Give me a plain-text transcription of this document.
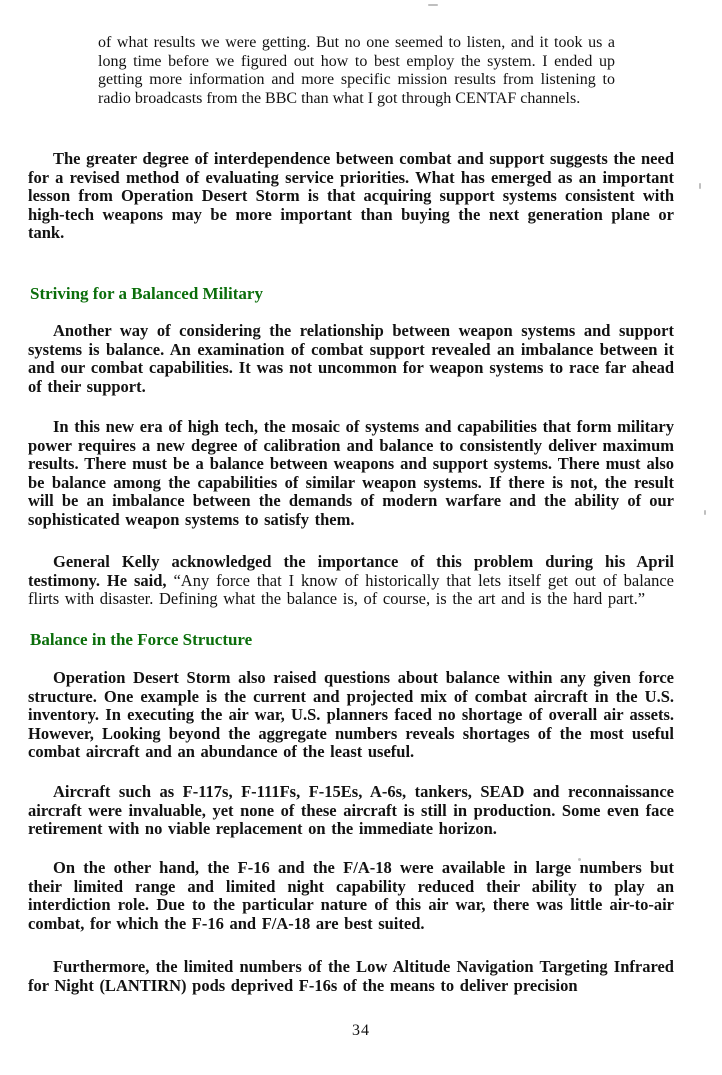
of what results we were getting. But no one seemed to listen, and it took us a long time before we figured out how to best employ the system. I ended up getting more information and more specific mission results from listening to radio broadcasts from the BBC than what I got through CENTAF channels.

The greater degree of interdependence between combat and support suggests the need for a revised method of evaluating service priorities. What has emerged as an important lesson from Operation Desert Storm is that acquiring support systems consistent with high-tech weapons may be more important than buying the next generation plane or tank.

Striving for a Balanced Military

Another way of considering the relationship between weapon systems and support systems is balance. An examination of combat support revealed an imbalance between it and our combat capabilities. It was not uncommon for weapon systems to race far ahead of their support.

In this new era of high tech, the mosaic of systems and capabilities that form military power requires a new degree of calibration and balance to consistently deliver maximum results. There must be a balance between weapons and support systems. There must also be balance among the capabilities of similar weapon systems. If there is not, the result will be an imbalance between the demands of modern warfare and the ability of our sophisticated weapon systems to satisfy them.

General Kelly acknowledged the importance of this problem during his April testimony. He said, “Any force that I know of historically that lets itself get out of balance flirts with disaster. Defining what the balance is, of course, is the art and is the hard part.”

Balance in the Force Structure

Operation Desert Storm also raised questions about balance within any given force structure. One example is the current and projected mix of combat aircraft in the U.S. inventory. In executing the air war, U.S. planners faced no shortage of overall air assets. However, Looking beyond the aggregate numbers reveals shortages of the most useful combat aircraft and an abundance of the least useful.

Aircraft such as F-117s, F-111Fs, F-15Es, A-6s, tankers, SEAD and reconnaissance aircraft were invaluable, yet none of these aircraft is still in production. Some even face retirement with no viable replacement on the immediate horizon.

On the other hand, the F-16 and the F/A-18 were available in large numbers but their limited range and limited night capability reduced their ability to play an interdiction role. Due to the particular nature of this air war, there was little air-to-air combat, for which the F-16 and F/A-18 are best suited.

Furthermore, the limited numbers of the Low Altitude Navigation Targeting Infrared for Night (LANTIRN) pods deprived F-16s of the means to deliver precision

34
